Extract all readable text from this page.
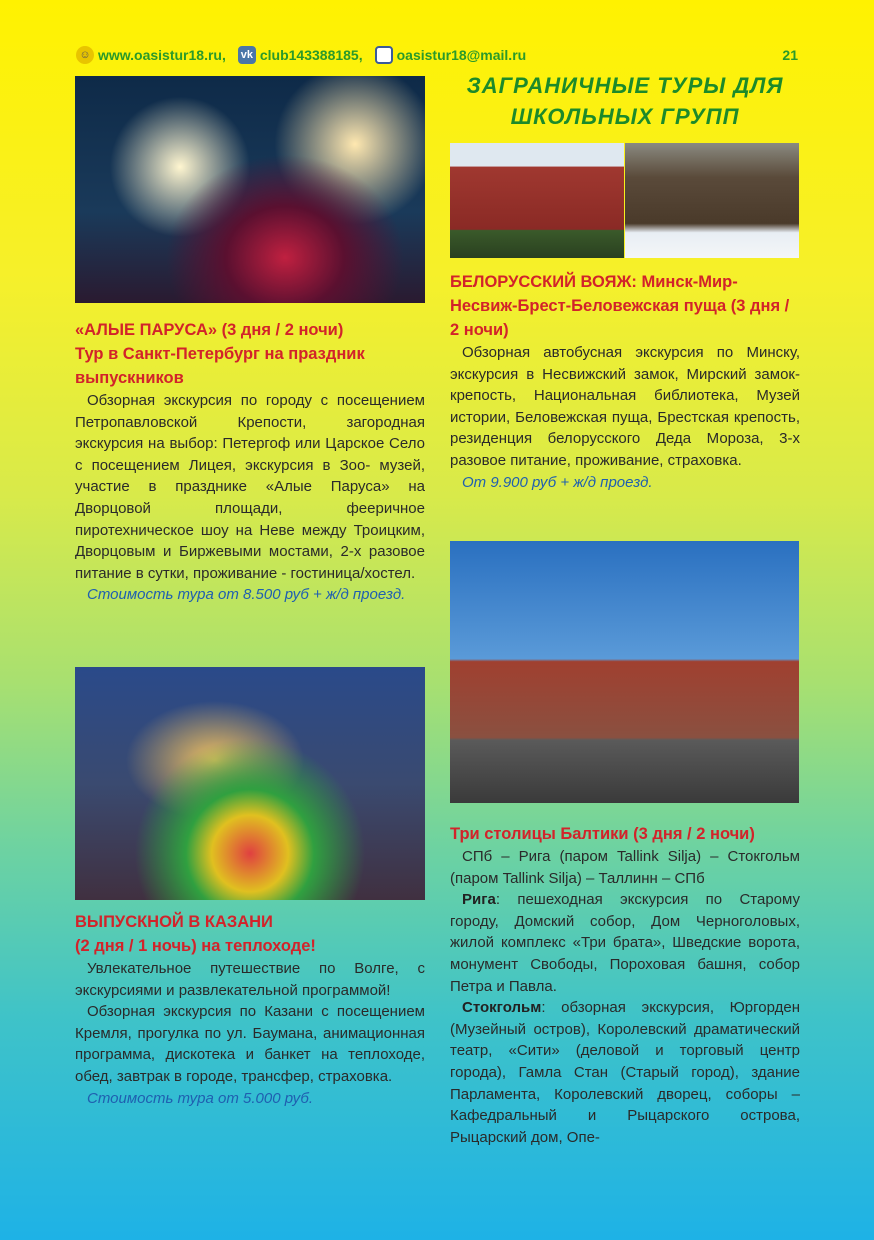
☺ www.oasistur18.ru, vk club143388185, oasistur18@mail.ru	21
ЗАГРАНИЧНЫЕ ТУРЫ ДЛЯ
ШКОЛЬНЫХ ГРУПП
«АЛЫЕ ПАРУСА» (3 дня / 2 ночи)
Тур в Санкт-Петербург на праздник выпускников

Обзорная экскурсия по городу с посещением Петропавловской Крепости, загородная экскурсия на выбор: Петергоф или Царское Село с посещением Лицея, экскурсия в Зоо- музей, участие в празднике «Алые Паруса» на Дворцовой площади, фееричное пиротехническое шоу на Неве между Троицким, Дворцовым и Биржевыми мостами, 2-х разовое питание в сутки, проживание - гостиница/хостел.

Стоимость тура от 8.500 руб + ж/д проезд.

ВЫПУСКНОЙ В КАЗАНИ
(2 дня / 1 ночь) на теплоходе!

Увлекательное путешествие по Волге, с экскурсиями и развлекательной программой!

Обзорная экскурсия по Казани с посещением Кремля, прогулка по ул. Баумана, анимационная программа, дискотека и банкет на теплоходе, обед, завтрак в городе, трансфер, страховка.

Стоимость тура от 5.000 руб.

БЕЛОРУССКИЙ ВОЯЖ: Минск-Мир-Несвиж-Брест-Беловежская пуща (3 дня / 2 ночи)

Обзорная автобусная экскурсия по Минску, экскурсия в Несвижский замок, Мирский замок-крепость, Национальная библиотека, Музей истории, Беловежская пуща, Брестская крепость, резиденция белорусского Деда Мороза, 3-х разовое питание, проживание, страховка.

От 9.900 руб + ж/д проезд.

Три столицы Балтики (3 дня / 2 ночи)

СПб – Рига (паром Tallink Silja) – Стокгольм (паром Tallink Silja) – Таллинн – СПб

Рига: пешеходная экскурсия по Старому городу, Домский собор, Дом Черноголовых, жилой комплекс «Три брата», Шведские ворота, монумент Свободы, Пороховая башня, собор Петра и Павла.

Стокгольм: обзорная экскурсия, Юргорден (Музейный остров), Королевский драматический театр, «Сити» (деловой и торговый центр города), Гамла Стан (Старый город), здание Парламента, Королевский дворец, соборы – Кафедральный и Рыцарского острова, Рыцарский дом, Опе-
